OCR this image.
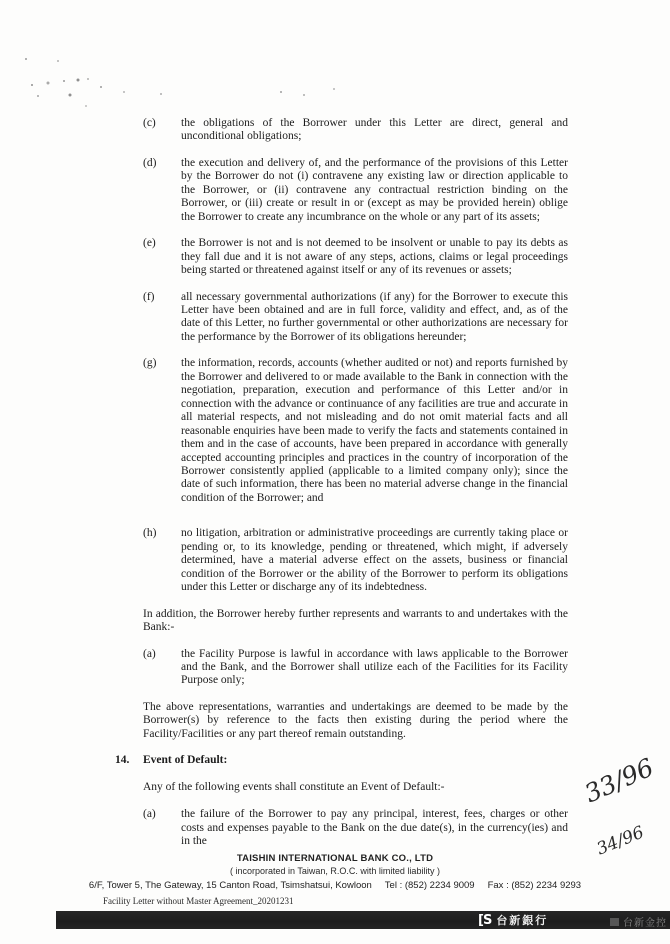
(c)	the obligations of the Borrower under this Letter are direct, general and unconditional obligations;
(d)	the execution and delivery of, and the performance of the provisions of this Letter by the Borrower do not (i) contravene any existing law or direction applicable to the Borrower, or (ii) contravene any contractual restriction binding on the Borrower, or (iii) create or result in or (except as may be provided herein) oblige the Borrower to create any incumbrance on the whole or any part of its assets;
(e)	the Borrower is not and is not deemed to be insolvent or unable to pay its debts as they fall due and it is not aware of any steps, actions, claims or legal proceedings being started or threatened against itself or any of its revenues or assets;
(f)	all necessary governmental authorizations (if any) for the Borrower to execute this Letter have been obtained and are in full force, validity and effect, and, as of the date of this Letter, no further governmental or other authorizations are necessary for the performance by the Borrower of its obligations hereunder;
(g)	the information, records, accounts (whether audited or not) and reports furnished by the Borrower and delivered to or made available to the Bank in connection with the negotiation, preparation, execution and performance of this Letter and/or in connection with the advance or continuance of any facilities are true and accurate in all material respects, and not misleading and do not omit material facts and all reasonable enquiries have been made to verify the facts and statements contained in them and in the case of accounts, have been prepared in accordance with generally accepted accounting principles and practices in the country of incorporation of the Borrower consistently applied (applicable to a limited company only); since the date of such information, there has been no material adverse change in the financial condition of the Borrower; and
(h)	no litigation, arbitration or administrative proceedings are currently taking place or pending or, to its knowledge, pending or threatened, which might, if adversely determined, have a material adverse effect on the assets, business or financial condition of the Borrower or the ability of the Borrower to perform its obligations under this Letter or discharge any of its indebtedness.

In addition, the Borrower hereby further represents and warrants to and undertakes with the Bank:-

(a)	the Facility Purpose is lawful in accordance with laws applicable to the Borrower and the Bank, and the Borrower shall utilize each of the Facilities for its Facility Purpose only;

The above representations, warranties and undertakings are deemed to be made by the Borrower(s) by reference to the facts then existing during the period where the Facility/Facilities or any part thereof remain outstanding.

14.	Event of Default:

Any of the following events shall constitute an Event of Default:-

(a)	the failure of the Borrower to pay any principal, interest, fees, charges or other costs and expenses payable to the Bank on the due date(s), in the currency(ies) and in the
33/96
34/96
TAISHIN INTERNATIONAL BANK CO., LTD
( incorporated in Taiwan, R.O.C. with limited liability )
6/F, Tower 5, The Gateway, 15 Canton Road, Tsimshatsui, Kowloon Tel : (852) 2234 9009 Fax : (852) 2234 9293
Facility Letter without Master Agreement_20201231
[S 台新銀行	台新金控
